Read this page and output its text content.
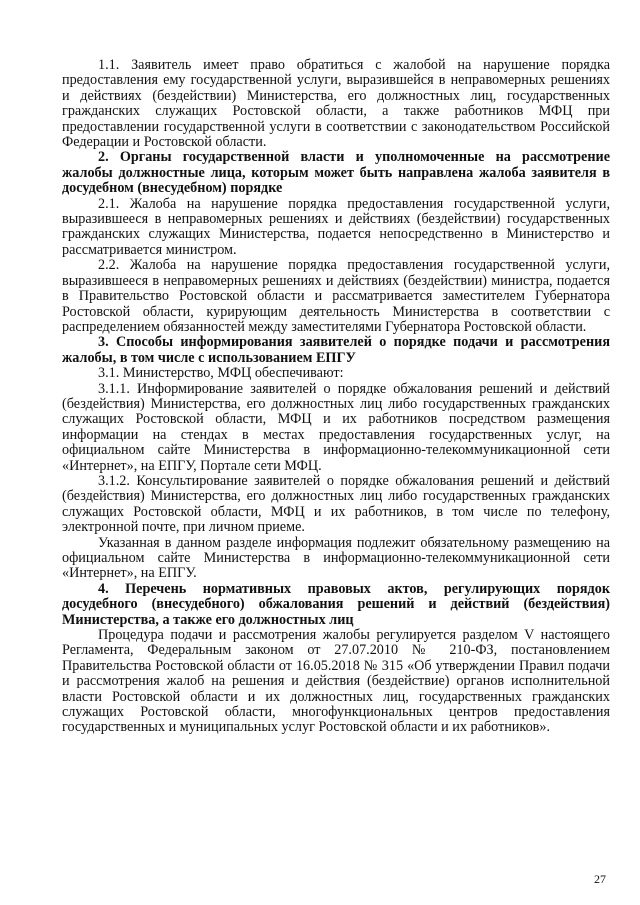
1.1. Заявитель имеет право обратиться с жалобой на нарушение порядка предоставления ему государственной услуги, выразившейся в неправомерных решениях и действиях (бездействии) Министерства, его должностных лиц, государственных гражданских служащих Ростовской области, а также работников МФЦ при предоставлении государственной услуги в соответствии с законодательством Российской Федерации и Ростовской области.

2. Органы государственной власти и уполномоченные на рассмотрение жалобы должностные лица, которым может быть направлена жалоба заявителя в досудебном (внесудебном) порядке

2.1. Жалоба на нарушение порядка предоставления государственной услуги, выразившееся в неправомерных решениях и действиях (бездействии) государственных гражданских служащих Министерства, подается непосредственно в Министерство и рассматривается министром.

2.2. Жалоба на нарушение порядка предоставления государственной услуги, выразившееся в неправомерных решениях и действиях (бездействии) министра, подается в Правительство Ростовской области и рассматривается заместителем Губернатора Ростовской области, курирующим деятельность Министерства в соответствии с распределением обязанностей между заместителями Губернатора Ростовской области.

3. Способы информирования заявителей о порядке подачи и рассмотрения жалобы, в том числе с использованием ЕПГУ

3.1. Министерство, МФЦ обеспечивают:

3.1.1. Информирование заявителей о порядке обжалования решений и действий (бездействия) Министерства, его должностных лиц либо государственных гражданских служащих Ростовской области, МФЦ и их работников посредством размещения информации на стендах в местах предоставления государственных услуг, на официальном сайте Министерства в информационно-телекоммуникационной сети «Интернет», на ЕПГУ, Портале сети МФЦ.

3.1.2. Консультирование заявителей о порядке обжалования решений и действий (бездействия) Министерства, его должностных лиц либо государственных гражданских служащих Ростовской области, МФЦ и их работников, в том числе по телефону, электронной почте, при личном приеме.

Указанная в данном разделе информация подлежит обязательному размещению на официальном сайте Министерства в информационно-телекоммуникационной сети «Интернет», на ЕПГУ.

4. Перечень нормативных правовых актов, регулирующих порядок досудебного (внесудебного) обжалования решений и действий (бездействия) Министерства, а также его должностных лиц

Процедура подачи и рассмотрения жалобы регулируется разделом V настоящего Регламента, Федеральным законом от 27.07.2010 № 210-ФЗ, постановлением Правительства Ростовской области от 16.05.2018 № 315 «Об утверждении Правил подачи и рассмотрения жалоб на решения и действия (бездействие) органов исполнительной власти Ростовской области и их должностных лиц, государственных гражданских служащих Ростовской области, многофункциональных центров предоставления государственных и муниципальных услуг Ростовской области и их работников».

27
